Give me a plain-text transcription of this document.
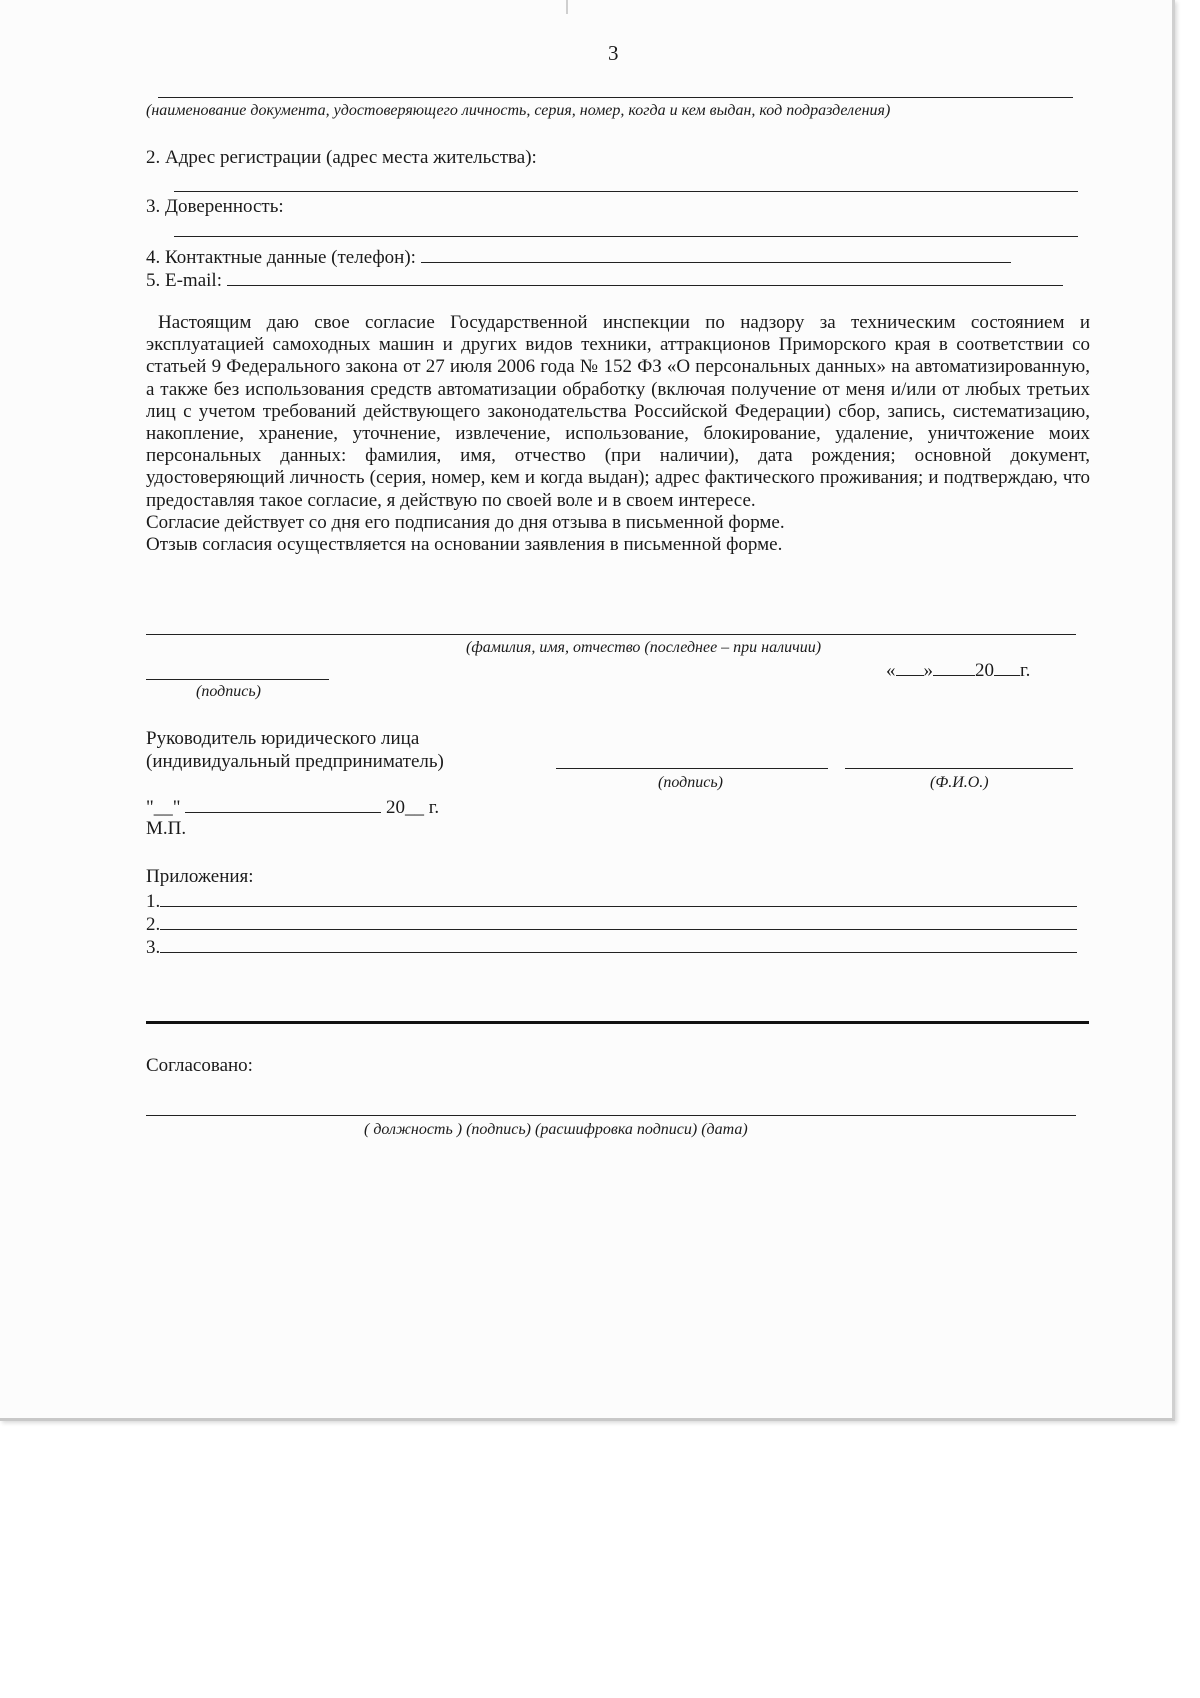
3
(наименование документа, удостоверяющего личность, серия, номер, когда и кем выдан, код подразделения)
2. Адрес регистрации (адрес места жительства):
3. Доверенность:
4. Контактные данные (телефон):
5. E-mail:

Настоящим даю свое согласие Государственной инспекции по надзору за техническим состоянием и эксплуатацией самоходных машин и других видов техники, аттракционов Приморского края в соответствии со статьей 9 Федерального закона от 27 июля 2006 года № 152 ФЗ «О персональных данных» на автоматизированную, а также без использования средств автоматизации обработку (включая получение от меня и/или от любых третьих лиц с учетом требований действующего законодательства Российской Федерации) сбор, запись, систематизацию, накопление, хранение, уточнение, извлечение, использование, блокирование, удаление, уничтожение моих персональных данных: фамилия, имя, отчество (при наличии), дата рождения; основной документ, удостоверяющий личность (серия, номер, кем и когда выдан); адрес фактического проживания; и подтверждаю, что предоставляя такое согласие, я действую по своей воле и в своем интересе.

Согласие действует со дня его подписания до дня отзыва в письменной форме.

Отзыв согласия осуществляется на основании заявления в письменной форме.

(фамилия, имя, отчество (последнее – при наличии)
« » 20 г.
(подпись)
Руководитель юридического лица
(индивидуальный предприниматель)
(подпись)	(Ф.И.О.)
"__"	20__ г.
М.П.
Приложения:
1.
2.
3.
Согласовано:
( должность ) (подпись) (расшифровка подписи) (дата)
